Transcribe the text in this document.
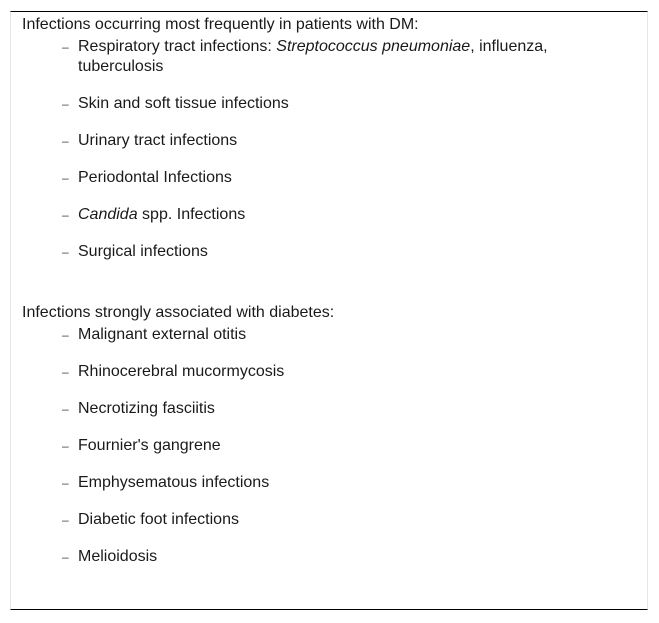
Infections occurring most frequently in patients with DM:

– Respiratory tract infections: Streptococcus pneumoniae, influenza, tuberculosis
– Skin and soft tissue infections
– Urinary tract infections
– Periodontal Infections
– Candida spp. Infections
– Surgical infections

Infections strongly associated with diabetes:

– Malignant external otitis
– Rhinocerebral mucormycosis
– Necrotizing fasciitis
– Fournier's gangrene
– Emphysematous infections
– Diabetic foot infections
– Melioidosis
